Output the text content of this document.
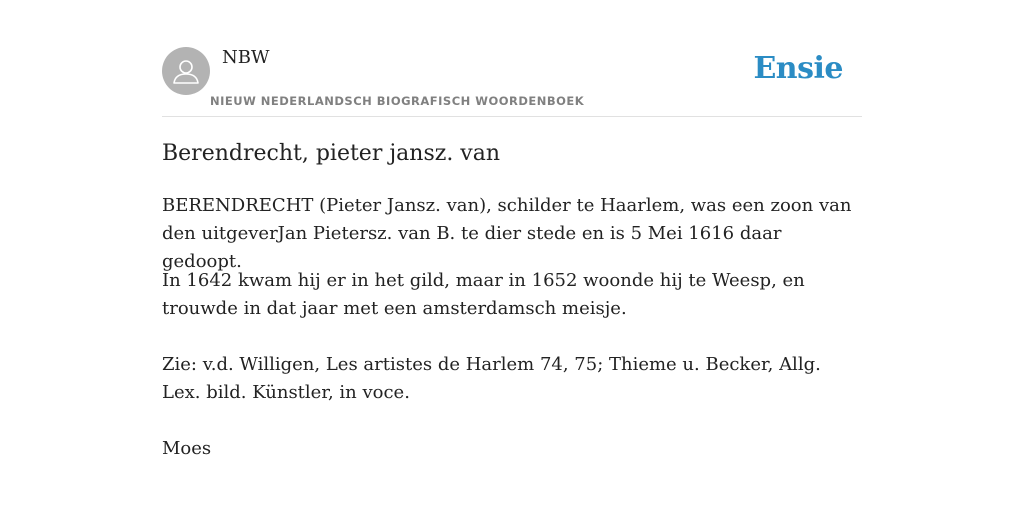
NBW
NIEUW NEDERLANDSCH BIOGRAFISCH WOORDENBOEK
Ensie
Berendrecht, pieter jansz. van

BERENDRECHT (Pieter Jansz. van), schilder te Haarlem, was een zoon van den uitgeverJan Pietersz. van B. te dier stede en is 5 Mei 1616 daar gedoopt.

In 1642 kwam hij er in het gild, maar in 1652 woonde hij te Weesp, en trouwde in dat jaar met een amsterdamsch meisje.

Zie: v.d. Willigen, Les artistes de Harlem 74, 75; Thieme u. Becker, Allg. Lex. bild. Künstler, in voce.

Moes
